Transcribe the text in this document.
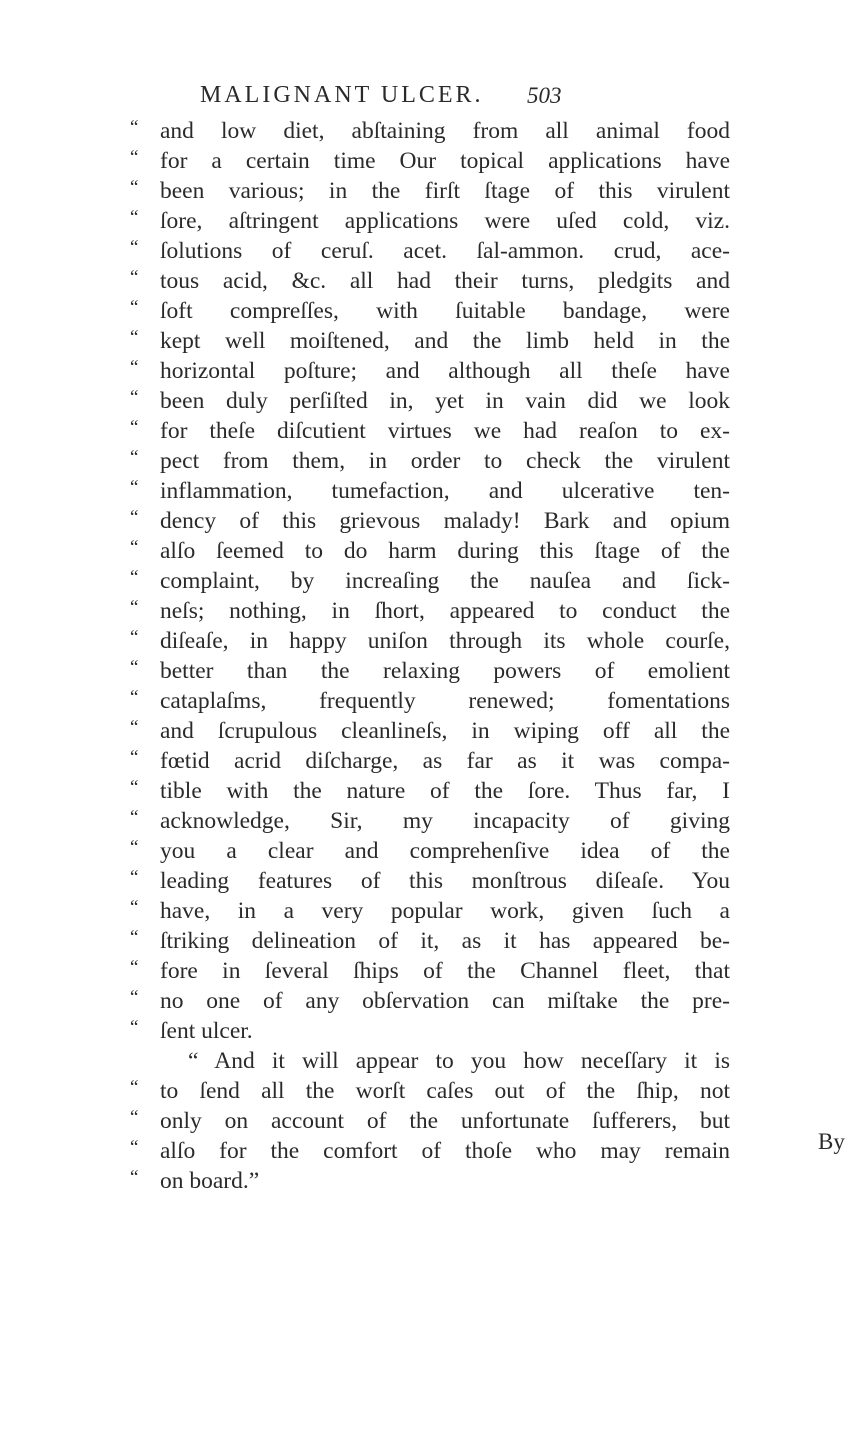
MALIGNANT ULCER.	503
“ and low diet, abſtaining from all animal food
“ for a certain time Our topical applications have
“ been various; in the firſt ſtage of this virulent
“ ſore, aſtringent applications were uſed cold, viz.
“ ſolutions of ceruſ. acet. ſal-ammon. crud, ace-
“ tous acid, &c. all had their turns, pledgits and
“ ſoft compreſſes, with ſuitable bandage, were
“ kept well moiſtened, and the limb held in the
“ horizontal poſture; and although all theſe have
“ been duly perſiſted in, yet in vain did we look
“ for theſe diſcutient virtues we had reaſon to ex-
“ pect from them, in order to check the virulent
“ inflammation, tumefaction, and ulcerative ten-
“ dency of this grievous malady! Bark and opium
“ alſo ſeemed to do harm during this ſtage of the
“ complaint, by increaſing the nauſea and ſick-
“ neſs; nothing, in ſhort, appeared to conduct the
“ diſeaſe, in happy uniſon through its whole courſe,
“ better than the relaxing powers of emolient
“ cataplaſms, frequently renewed; fomentations
“ and ſcrupulous cleanlineſs, in wiping off all the
“ fœtid acrid diſcharge, as far as it was compa-
“ tible with the nature of the ſore. Thus far, I
“ acknowledge, Sir, my incapacity of giving
“ you a clear and comprehenſive idea of the
“ leading features of this monſtrous diſeaſe. You
“ have, in a very popular work, given ſuch a
“ ſtriking delineation of it, as it has appeared be-
“ fore in ſeveral ſhips of the Channel fleet, that
“ no one of any obſervation can miſtake the pre-
“ ſent ulcer.
“ And it will appear to you how neceſſary it is
“ to ſend all the worſt caſes out of the ſhip, not
“ only on account of the unfortunate ſufferers, but
“ alſo for the comfort of thoſe who may remain
“ on board.”
By
